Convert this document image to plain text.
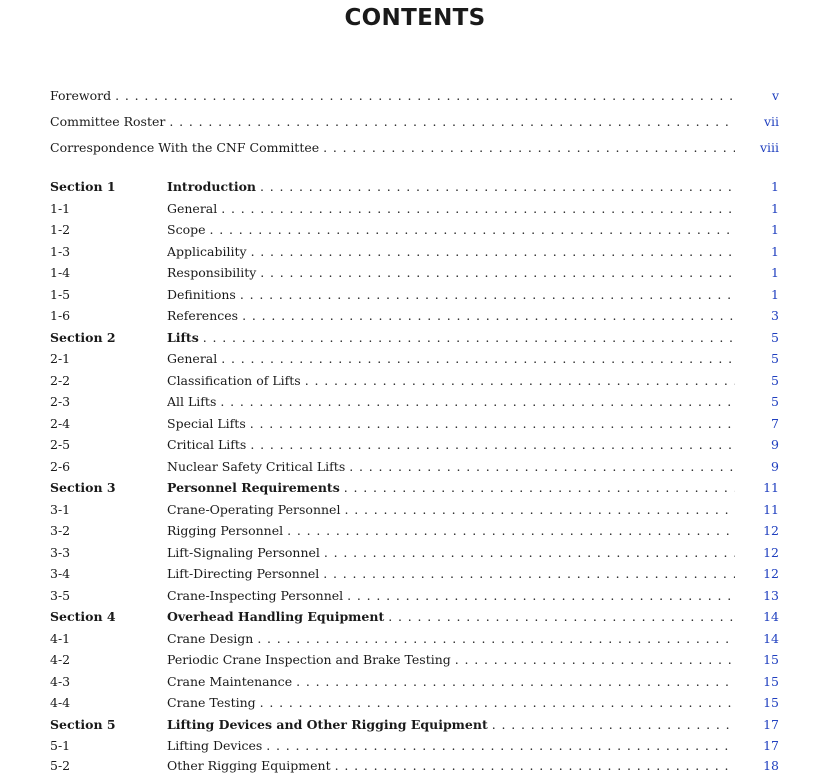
CONTENTS
Foreword . . .	v
Committee Roster . . .	vii
Correspondence With the CNF Committee . . .	viii
Section 1	Introduction . . .	1
1-1	General . . .	1
1-2	Scope . . .	1
1-3	Applicability . . .	1
1-4	Responsibility . . .	1
1-5	Definitions . . .	1
1-6	References . . .	3
Section 2	Lifts . . .	5
2-1	General . . .	5
2-2	Classification of Lifts . . .	5
2-3	All Lifts . . .	5
2-4	Special Lifts . . .	7
2-5	Critical Lifts . . .	9
2-6	Nuclear Safety Critical Lifts . . .	9
Section 3	Personnel Requirements . . .	11
3-1	Crane-Operating Personnel . . .	11
3-2	Rigging Personnel . . .	12
3-3	Lift-Signaling Personnel . . .	12
3-4	Lift-Directing Personnel . . .	12
3-5	Crane-Inspecting Personnel . . .	13
Section 4	Overhead Handling Equipment . . .	14
4-1	Crane Design . . .	14
4-2	Periodic Crane Inspection and Brake Testing . . .	15
4-3	Crane Maintenance . . .	15
4-4	Crane Testing . . .	15
Section 5	Lifting Devices and Other Rigging Equipment . . .	17
5-1	Lifting Devices . . .	17
5-2	Other Rigging Equipment . . .	18
